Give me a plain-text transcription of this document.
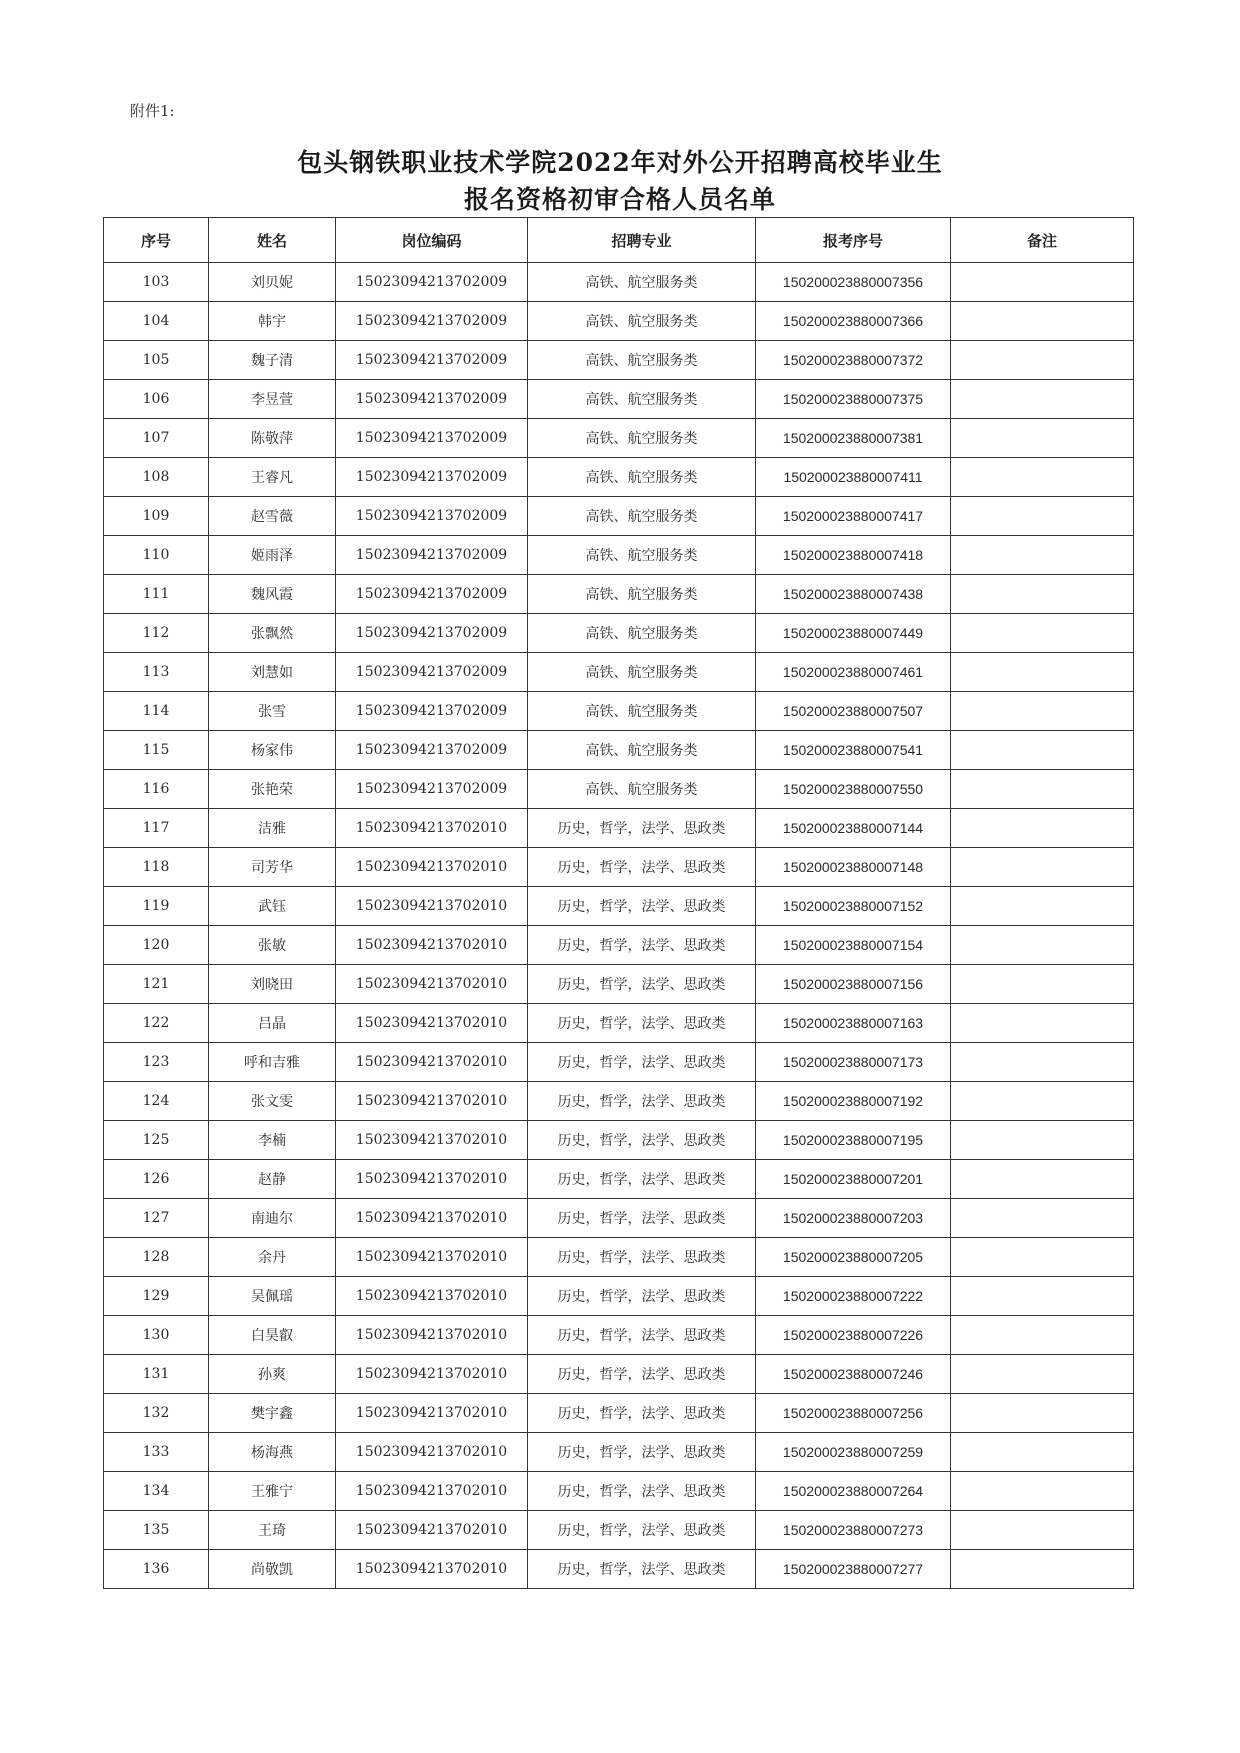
附件1:
包头钢铁职业技术学院2022年对外公开招聘高校毕业生
报名资格初审合格人员名单
序号	姓名	岗位编码	招聘专业	报考序号	备注
103	刘贝妮	15023094213702009	高铁、航空服务类	150200023880007356	
104	韩宇	15023094213702009	高铁、航空服务类	150200023880007366	
105	魏子清	15023094213702009	高铁、航空服务类	150200023880007372	
106	李昱萱	15023094213702009	高铁、航空服务类	150200023880007375	
107	陈敬萍	15023094213702009	高铁、航空服务类	150200023880007381	
108	王睿凡	15023094213702009	高铁、航空服务类	150200023880007411	
109	赵雪薇	15023094213702009	高铁、航空服务类	150200023880007417	
110	姬雨泽	15023094213702009	高铁、航空服务类	150200023880007418	
111	魏风霞	15023094213702009	高铁、航空服务类	150200023880007438	
112	张飘然	15023094213702009	高铁、航空服务类	150200023880007449	
113	刘慧如	15023094213702009	高铁、航空服务类	150200023880007461	
114	张雪	15023094213702009	高铁、航空服务类	150200023880007507	
115	杨家伟	15023094213702009	高铁、航空服务类	150200023880007541	
116	张艳荣	15023094213702009	高铁、航空服务类	150200023880007550	
117	洁雅	15023094213702010	历史，哲学，法学、思政类	150200023880007144	
118	司芳华	15023094213702010	历史，哲学，法学、思政类	150200023880007148	
119	武钰	15023094213702010	历史，哲学，法学、思政类	150200023880007152	
120	张敏	15023094213702010	历史，哲学，法学、思政类	150200023880007154	
121	刘晓田	15023094213702010	历史，哲学，法学、思政类	150200023880007156	
122	吕晶	15023094213702010	历史，哲学，法学、思政类	150200023880007163	
123	呼和吉雅	15023094213702010	历史，哲学，法学、思政类	150200023880007173	
124	张文雯	15023094213702010	历史，哲学，法学、思政类	150200023880007192	
125	李楠	15023094213702010	历史，哲学，法学、思政类	150200023880007195	
126	赵静	15023094213702010	历史，哲学，法学、思政类	150200023880007201	
127	南迪尔	15023094213702010	历史，哲学，法学、思政类	150200023880007203	
128	余丹	15023094213702010	历史，哲学，法学、思政类	150200023880007205	
129	吴佩瑶	15023094213702010	历史，哲学，法学、思政类	150200023880007222	
130	白昊叡	15023094213702010	历史，哲学，法学、思政类	150200023880007226	
131	孙爽	15023094213702010	历史，哲学，法学、思政类	150200023880007246	
132	樊宇鑫	15023094213702010	历史，哲学，法学、思政类	150200023880007256	
133	杨海燕	15023094213702010	历史，哲学，法学、思政类	150200023880007259	
134	王雅宁	15023094213702010	历史，哲学，法学、思政类	150200023880007264	
135	王琦	15023094213702010	历史，哲学，法学、思政类	150200023880007273	
136	尚敬凯	15023094213702010	历史，哲学，法学、思政类	150200023880007277	
